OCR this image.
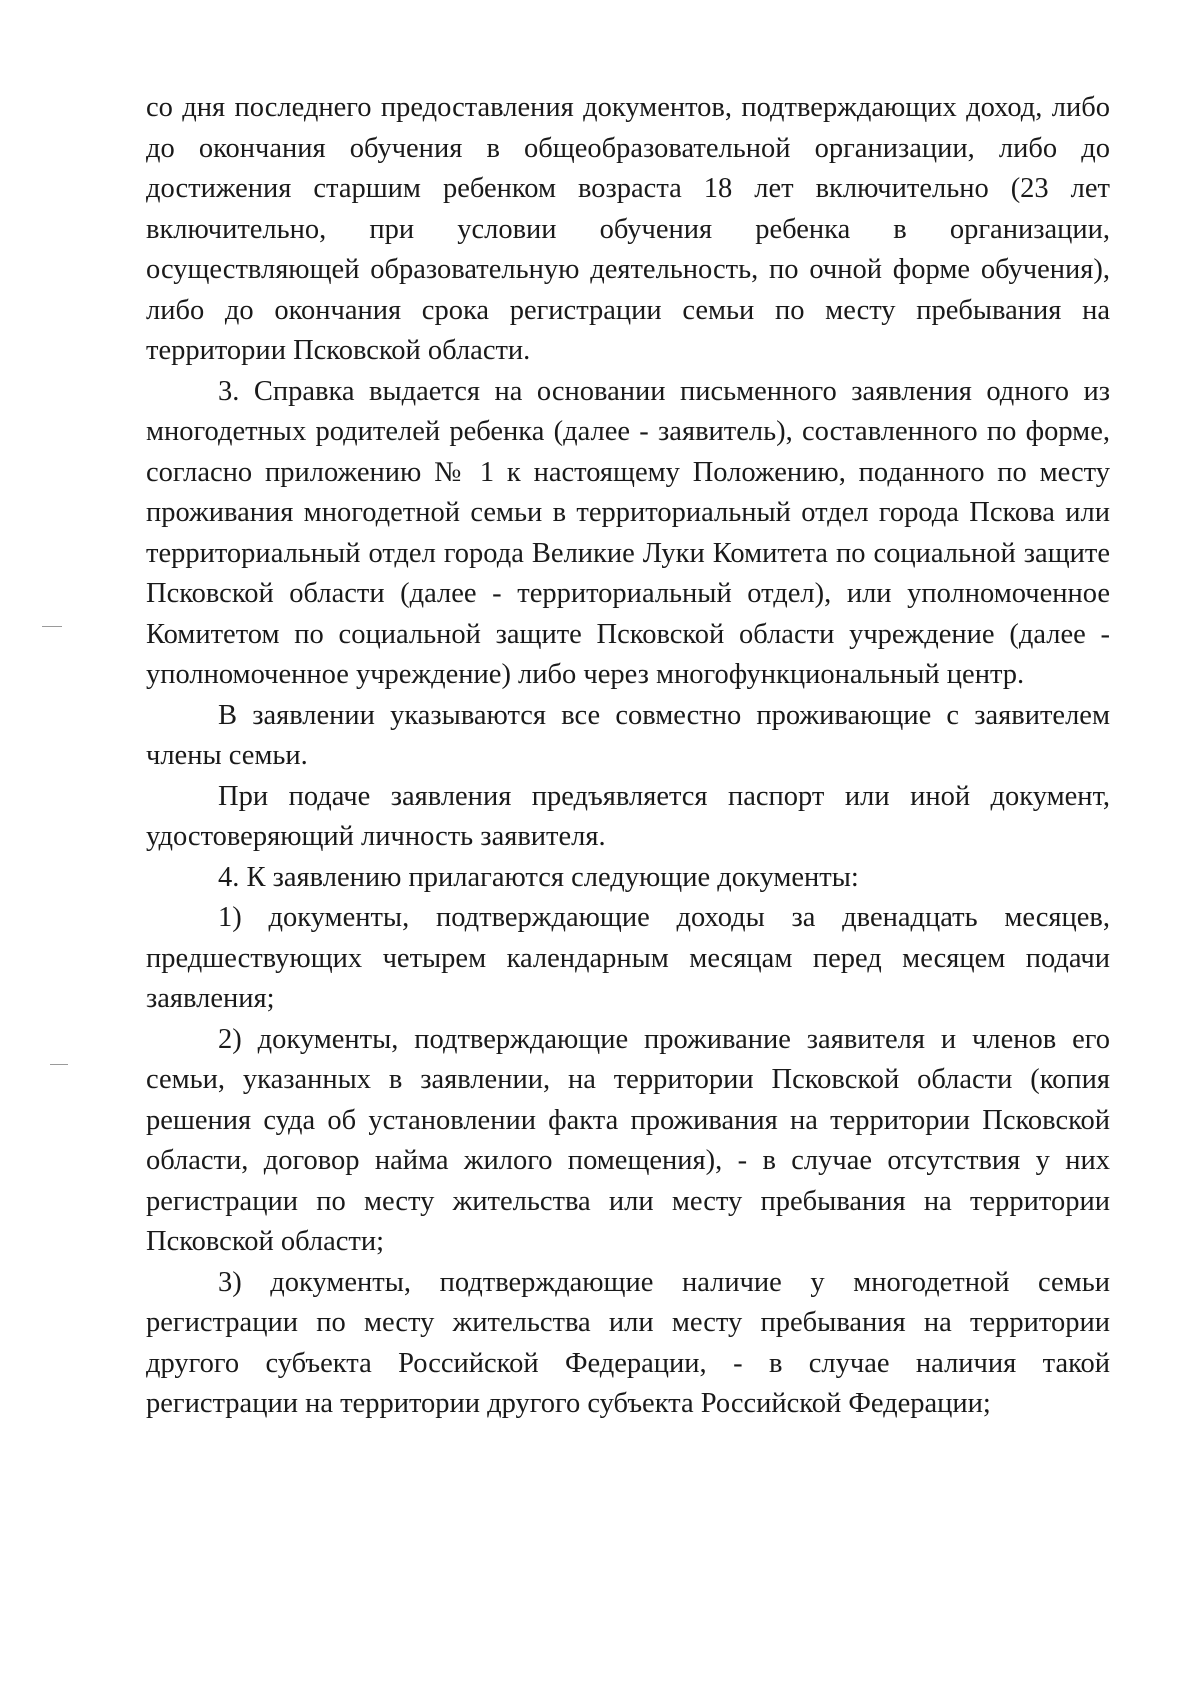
со дня последнего предоставления документов, подтверждающих доход, либо до окончания обучения в общеобразовательной организации, либо до достижения старшим ребенком возраста 18 лет включительно (23 лет включительно, при условии обучения ребенка в организации, осуществляющей образовательную деятельность, по очной форме обучения), либо до окончания срока регистрации семьи по месту пребывания на территории Псковской области.

3. Справка выдается на основании письменного заявления одного из многодетных родителей ребенка (далее - заявитель), составленного по форме, согласно приложению № 1 к настоящему Положению, поданного по месту проживания многодетной семьи в территориальный отдел города Пскова или территориальный отдел города Великие Луки Комитета по социальной защите Псковской области (далее - территориальный отдел), или уполномоченное Комитетом по социальной защите Псковской области учреждение (далее - уполномоченное учреждение) либо через многофункциональный центр.

В заявлении указываются все совместно проживающие с заявителем члены семьи.

При подаче заявления предъявляется паспорт или иной документ, удостоверяющий личность заявителя.

4. К заявлению прилагаются следующие документы:

1) документы, подтверждающие доходы за двенадцать месяцев, предшествующих четырем календарным месяцам перед месяцем подачи заявления;

2) документы, подтверждающие проживание заявителя и членов его семьи, указанных в заявлении, на территории Псковской области (копия решения суда об установлении факта проживания на территории Псковской области, договор найма жилого помещения), - в случае отсутствия у них регистрации по месту жительства или месту пребывания на территории Псковской области;

3) документы, подтверждающие наличие у многодетной семьи регистрации по месту жительства или месту пребывания на территории другого субъекта Российской Федерации, - в случае наличия такой регистрации на территории другого субъекта Российской Федерации;
